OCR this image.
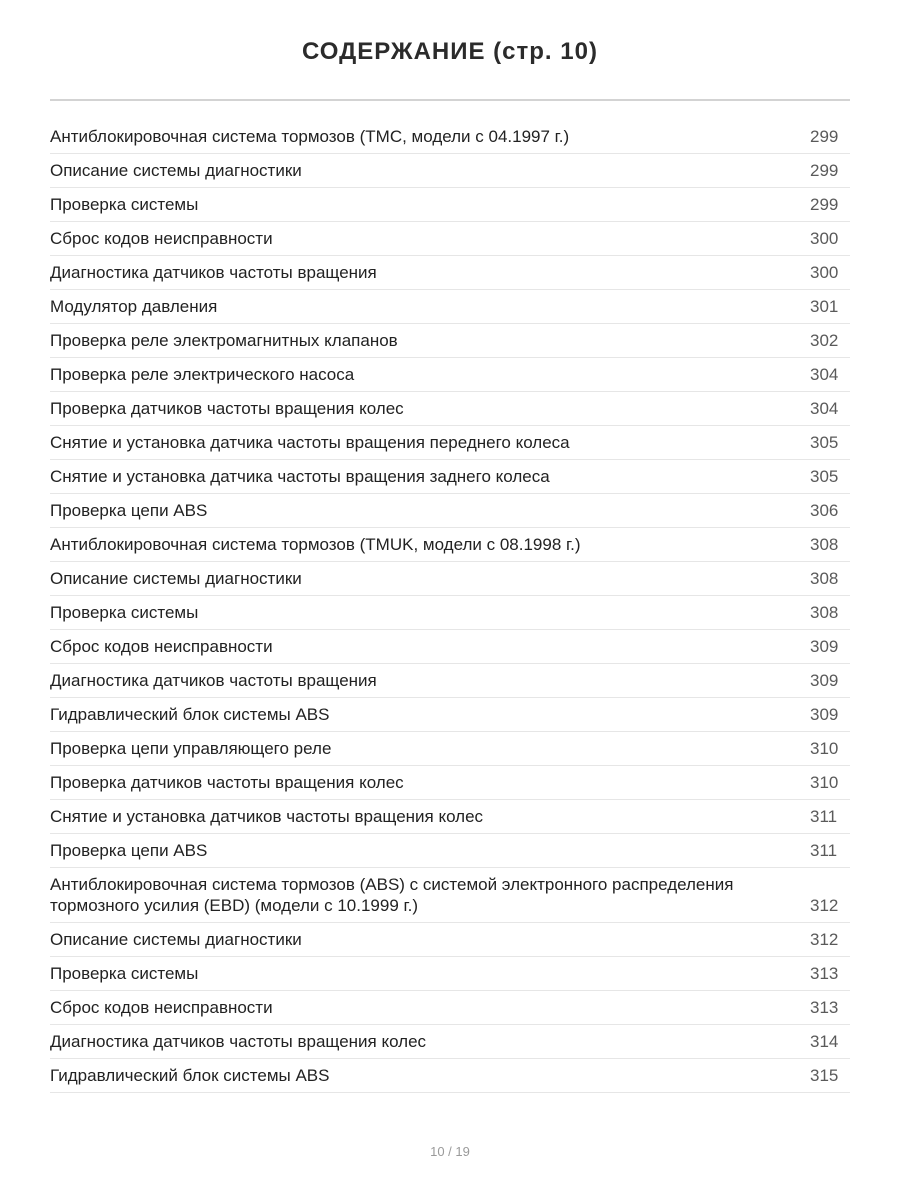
СОДЕРЖАНИЕ (стр. 10)
Антиблокировочная система тормозов (TMC, модели с 04.1997 г.)	299
Описание системы диагностики	299
Проверка системы	299
Сброс кодов неисправности	300
Диагностика датчиков частоты вращения	300
Модулятор давления	301
Проверка реле электромагнитных клапанов	302
Проверка реле электрического насоса	304
Проверка датчиков частоты вращения колес	304
Снятие и установка датчика частоты вращения переднего колеса	305
Снятие и установка датчика частоты вращения заднего колеса	305
Проверка цепи ABS	306
Антиблокировочная система тормозов (TMUK, модели с 08.1998 г.)	308
Описание системы диагностики	308
Проверка системы	308
Сброс кодов неисправности	309
Диагностика датчиков частоты вращения	309
Гидравлический блок системы ABS	309
Проверка цепи управляющего реле	310
Проверка датчиков частоты вращения колес	310
Снятие и установка датчиков частоты вращения колес	311
Проверка цепи ABS	311
Антиблокировочная система тормозов (ABS) с системой электронного распределения тормозного усилия (EBD) (модели с 10.1999 г.)	312
Описание системы диагностики	312
Проверка системы	313
Сброс кодов неисправности	313
Диагностика датчиков частоты вращения колес	314
Гидравлический блок системы ABS	315
10 / 19
